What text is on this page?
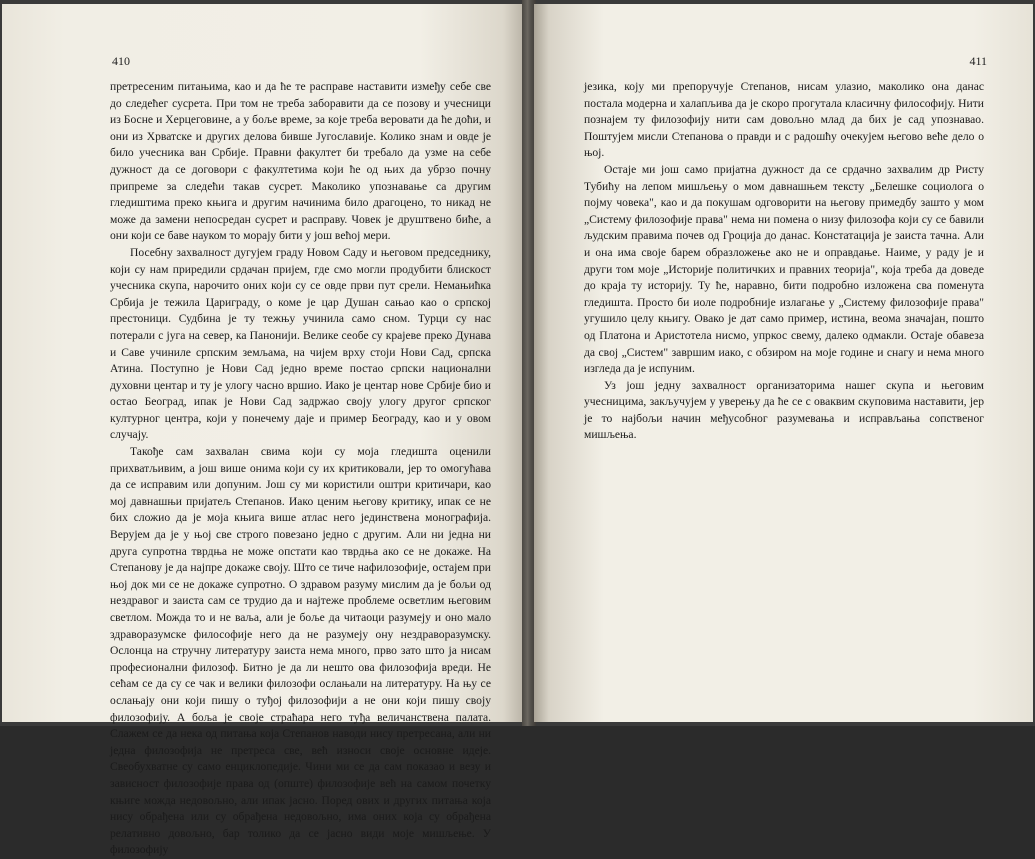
410

претресеним питањима, као и да ће те расправе наставити између себе све до следећег сусрета. При том не треба заборавити да се позову и учесници из Босне и Херцеговине, а у боље време, за које треба веровати да ће доћи, и они из Хрватске и других делова бивше Југославије. Колико знам и овде је било учесника ван Србије. Правни факултет би требало да узме на себе дужност да се договори с факултетима који ће од њих да убрзо почну припреме за следећи такав сусрет. Маколико упознавање са другим гледиштима преко књига и другим начинима било драгоцено, то никад не може да замени непосредан сусрет и расправу. Човек је друштвено биће, а они који се баве науком то морају бити у још већој мери.

Посебну захвалност дугујем граду Новом Саду и његовом председнику, који су нам приредили срдачан пријем, где смо могли продубити блискост учесника скупа, нарочито оних који су се овде први пут срели. Немањићка Србија је тежила Цариграду, о коме је цар Душан сањао као о српској престоници. Судбина је ту тежњу учинила само сном. Турци су нас потерали с југа на север, ка Панонији. Велике сеобе су крајеве преко Дунава и Саве учиниле српским земљама, на чијем врху стоји Нови Сад, српска Атина. Поступно је Нови Сад једно време постао српски национални духовни центар и ту је улогу часно вршио. Иако је центар нове Србије био и остао Београд, ипак је Нови Сад задржао своју улогу другог српског културног центра, који у понечему даје и пример Београду, као и у овом случају.

Такође сам захвалан свима који су моја гледишта оценили прихватљивим, а још више онима који су их критиковали, јер то омогућава да се исправим или допуним. Још су ми користили оштри критичари, као мој давнашњи пријатељ Степанов. Иако ценим његову критику, ипак се не бих сложио да је моја књига више атлас него јединствена монографија. Верујем да је у њој све строго повезано једно с другим. Али ни једна ни друга супротна тврдња не може опстати као тврдња ако се не докаже. На Степанову је да најпре докаже своју. Што се тиче нафилозофије, остајем при њој док ми се не докаже супротно. О здравом разуму мислим да је бољи од нездравог и заиста сам се трудио да и најтеже проблеме осветлим његовим светлом. Можда то и не ваља, али је боље да читаоци разумеју и оно мало здраворазумске философије него да не разумеју ону нездраворазумску. Ослонца на стручну литературу заиста нема много, прво зато што ја нисам професионални филозоф. Битно је да ли нешто ова филозофија вреди. Не сећам се да су се чак и велики филозофи ослањали на литературу. На њу се ослањају они који пишу о туђој филозофији а не они који пишу своју филозофију. А боља је своје страћара него туђа величанствена палата. Слажем се да нека од питања која Степанов наводи нису претресана, али ни једна филозофија не претреса све, већ износи своје основне идеје. Свеобухватне су само енциклопедије. Чини ми се да сам показао и везу и зависност филозофије права од (опште) филозофије већ на самом почетку књиге можда недовољно, али ипак јасно. Поред ових и других питања која нису обрађена или су обрађена недовољно, има оних која су обрађена релативно довољно, бар толико да се јасно види моје мишљење. У филозофију

411

језика, коју ми препоручује Степанов, нисам улазио, маколико она данас постала модерна и халапљива да је скоро прогутала класичну философију. Нити познајем ту филозофију нити сам довољно млад да бих је сад упознавао. Поштујем мисли Степанова о правди и с радошћу очекујем његово веће дело о њој.

Остаје ми још само пријатна дужност да се срдачно захвалим др Ристу Тубићу на лепом мишљењу о мом давнашњем тексту „Белешке социолога о појму човека", као и да покушам одговорити на његову примедбу зашто у мом „Систему филозофије права" нема ни помена о низу филозофа који су се бавили људским правима почев од Гроција до данас. Констатација је заиста тачна. Али и она има своје барем образложење ако не и оправдање. Наиме, у раду је и други том моје „Историје политичких и правних теорија", која треба да доведе до краја ту историју. Ту ће, наравно, бити подробно изложена сва поменута гледишта. Просто би иоле подробније излагање у „Систему филозофије права" угушило целу књигу. Овако је дат само пример, истина, веома значајан, пошто од Платона и Аристотела нисмо, упркос свему, далеко одмакли. Остаје обавеза да свој „Систем" завршим иако, с обзиром на моје године и снагу и нема много изгледа да је испуним.

Уз још једну захвалност организаторима нашег скупа и његовим учесницима, закључујем у уверењу да ће се с оваквим скуповима наставити, јер је то најбољи начин међусобног разумевања и исправљања сопственог мишљења.
